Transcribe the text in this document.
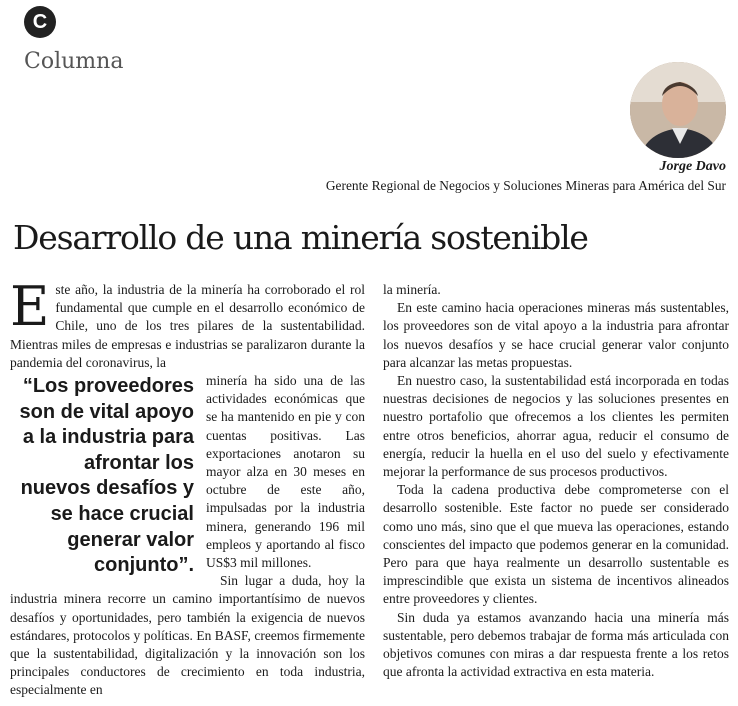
C
Columna
Jorge Davo
Gerente Regional de Negocios y Soluciones Mineras para América del Sur
Desarrollo de una minería sostenible

Este año, la industria de la minería ha corroborado el rol fundamental que cumple en el desarrollo económico de Chile, uno de los tres pilares de la sustentabilidad. Mientras miles de empresas e industrias se paralizaron durante la pandemia del coronavirus, la

“Los proveedores son de vital apoyo a la industria para afrontar los nuevos desafíos y se hace crucial generar valor conjunto”.

minería ha sido una de las actividades económicas que se ha mantenido en pie y con cuentas positivas. Las exportaciones anotaron su mayor alza en 30 meses en octubre de este año, impulsadas por la industria minera, generando 196 mil empleos y aportando al fisco US$3 mil millones.

Sin lugar a duda, hoy la industria minera recorre un camino importantísimo de nuevos desafíos y oportunidades, pero también la exigencia de nuevos estándares, protocolos y políticas. En BASF, creemos firmemente que la sustentabilidad, digitalización y la innovación son los principales conductores de crecimiento en toda industria, especialmente en

la minería.

En este camino hacia operaciones mineras más sustentables, los proveedores son de vital apoyo a la industria para afrontar los nuevos desafíos y se hace crucial generar valor conjunto para alcanzar las metas propuestas.

En nuestro caso, la sustentabilidad está incorporada en todas nuestras decisiones de negocios y las soluciones presentes en nuestro portafolio que ofrecemos a los clientes les permiten entre otros beneficios, ahorrar agua, reducir el consumo de energía, reducir la huella en el uso del suelo y efectivamente mejorar la performance de sus procesos productivos.

Toda la cadena productiva debe comprometerse con el desarrollo sostenible. Este factor no puede ser considerado como uno más, sino que el que mueva las operaciones, estando conscientes del impacto que podemos generar en la comunidad. Pero para que haya realmente un desarrollo sustentable es imprescindible que exista un sistema de incentivos alineados entre proveedores y clientes.

Sin duda ya estamos avanzando hacia una minería más sustentable, pero debemos trabajar de forma más articulada con objetivos comunes con miras a dar respuesta frente a los retos que afronta la actividad extractiva en esta materia.
